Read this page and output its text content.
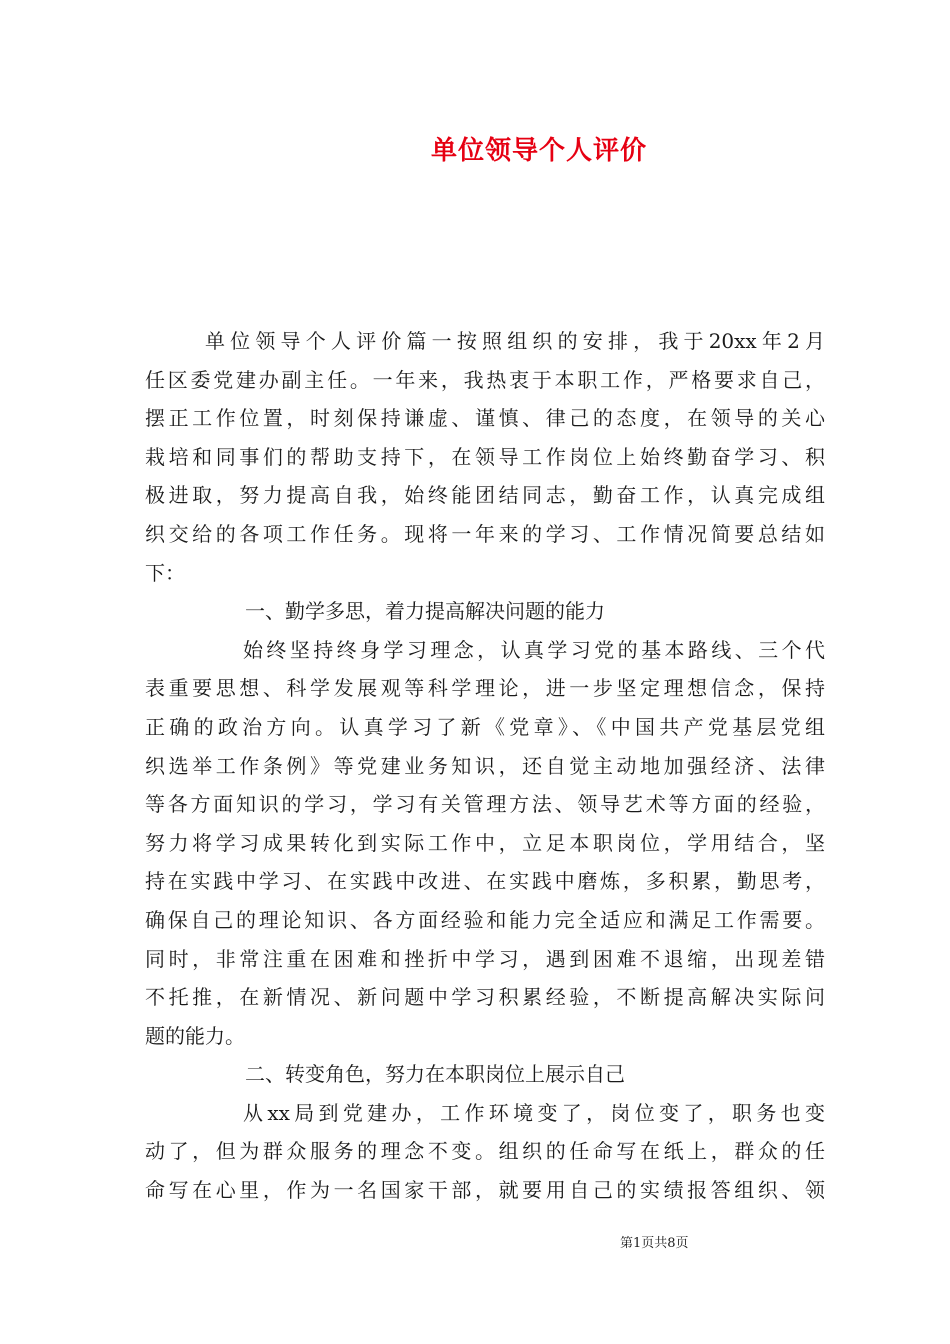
单位领导个人评价
单位领导个人评价篇一按照组织的安排，我于20xx年2月
任区委党建办副主任。一年来，我热衷于本职工作，严格要求自己，
摆正工作位置，时刻保持谦虚、谨慎、律己的态度，在领导的关心
栽培和同事们的帮助支持下，在领导工作岗位上始终勤奋学习、积
极进取，努力提高自我，始终能团结同志，勤奋工作，认真完成组
织交给的各项工作任务。现将一年来的学习、工作情况简要总结如
下：
一、勤学多思，着力提高解决问题的能力
始终坚持终身学习理念，认真学习党的基本路线、三个代
表重要思想、科学发展观等科学理论，进一步坚定理想信念，保持
正确的政治方向。认真学习了新《党章》、《中国共产党基层党组
织选举工作条例》等党建业务知识，还自觉主动地加强经济、法律
等各方面知识的学习，学习有关管理方法、领导艺术等方面的经验，
努力将学习成果转化到实际工作中，立足本职岗位，学用结合，坚
持在实践中学习、在实践中改进、在实践中磨炼，多积累，勤思考，
确保自己的理论知识、各方面经验和能力完全适应和满足工作需要。
同时，非常注重在困难和挫折中学习，遇到困难不退缩，出现差错
不托推，在新情况、新问题中学习积累经验，不断提高解决实际问
题的能力。
二、转变角色，努力在本职岗位上展示自己
从xx局到党建办，工作环境变了，岗位变了，职务也变
动了，但为群众服务的理念不变。组织的任命写在纸上，群众的任
命写在心里，作为一名国家干部，就要用自己的实绩报答组织、领
第1页共8页
